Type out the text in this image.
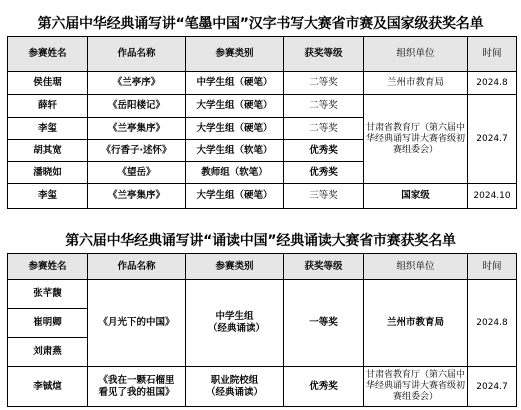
第六届中华经典诵写讲“笔墨中国”汉字书写大赛省市赛及国家级获奖名单
参赛姓名	作品名称	参赛类别	获奖等级	组织单位	时间
侯佳琚	《兰亭序》	中学生组（硬笔）	二等奖	兰州市教育局	2024.8
薛轩	《岳阳楼记》	大学生组（硬笔）	二等奖	甘肃省教育厅（第六届中华经典诵写讲大赛省级初赛组委会）	2024.7
李玺	《兰亭集序》	大学生组（硬笔）	二等奖		
胡其宽	《行香子·述怀》	大学生组（软笔）	优秀奖		
潘晓如	《望岳》	教师组（软笔）	优秀奖		
李玺	《兰亭集序》	大学生组（硬笔）	三等奖	国家级	2024.10
第六届中华经典诵写讲“诵读中国”经典诵读大赛省市赛获奖名单
参赛姓名	作品名称	参赛类别	获奖等级	组织单位	时间
张芊馥	《月光下的中国》	中学生组（经典诵读）	一等奖	兰州市教育局	2024.8
崔明卿					
刘肃燕					
李铖煊	《我在一颗石榴里看见了我的祖国》	职业院校组（经典诵读）	优秀奖	甘肃省教育厅（第六届中华经典诵写讲大赛省级初赛组委会）	2024.7
